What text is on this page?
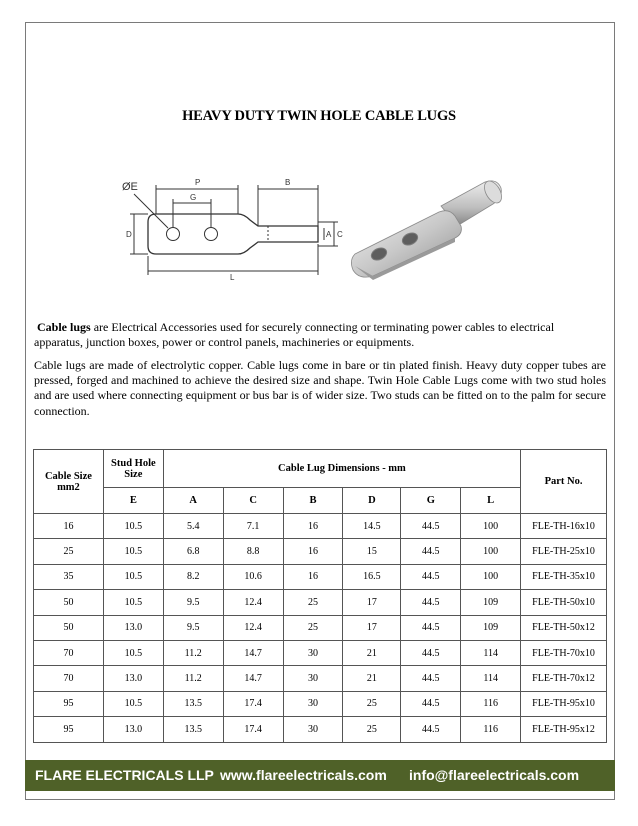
HEAVY DUTY TWIN HOLE CABLE LUGS
ØE	P	B
G
D	A C
L

Cable lugs are Electrical Accessories used for securely connecting or terminating power cables to electrical apparatus, junction boxes, power or control panels, machineries or equipments.

Cable lugs are made of electrolytic copper. Cable lugs come in bare or tin plated finish. Heavy duty copper tubes are pressed, forged and machined to achieve the desired size and shape. Twin Hole Cable Lugs come with two stud holes and are used where connecting equipment or bus bar is of wider size. Two studs can be fitted on to the palm for secure connection.

Cable Size mm2	Stud Hole Size	Cable Lug Dimensions - mm						Part No.
	E	A	C	B	D	G	L	
16	10.5	5.4	7.1	16	14.5	44.5	100	FLE-TH-16x10
25	10.5	6.8	8.8	16	15	44.5	100	FLE-TH-25x10
35	10.5	8.2	10.6	16	16.5	44.5	100	FLE-TH-35x10
50	10.5	9.5	12.4	25	17	44.5	109	FLE-TH-50x10
50	13.0	9.5	12.4	25	17	44.5	109	FLE-TH-50x12
70	10.5	11.2	14.7	30	21	44.5	114	FLE-TH-70x10
70	13.0	11.2	14.7	30	21	44.5	114	FLE-TH-70x12
95	10.5	13.5	17.4	30	25	44.5	116	FLE-TH-95x10
95	13.0	13.5	17.4	30	25	44.5	116	FLE-TH-95x12
FLARE ELECTRICALS LLP www.flareelectricals.com info@flareelectricals.com
